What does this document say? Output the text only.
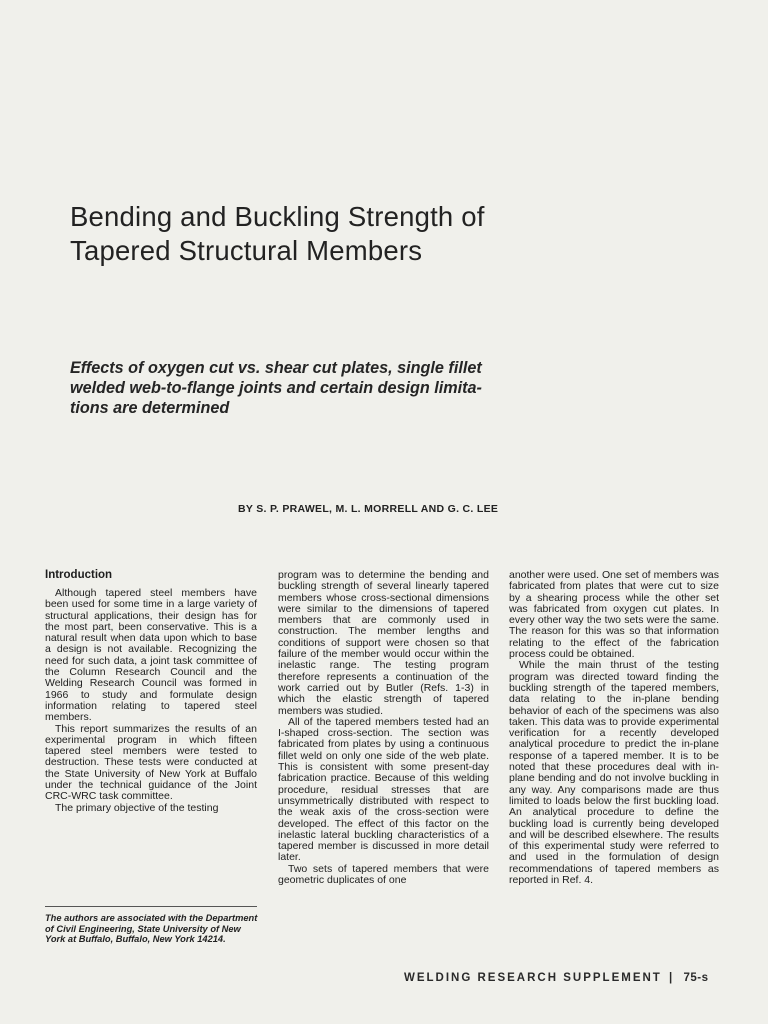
Bending and Buckling Strength of
Tapered Structural Members

Effects of oxygen cut vs. shear cut plates, single fillet
welded web-to-flange joints and certain design limita-
tions are determined

BY S. P. PRAWEL, M. L. MORRELL AND G. C. LEE
Introduction

Although tapered steel members have been used for some time in a large variety of structural applications, their design has for the most part, been conservative. This is a natural result when data upon which to base a design is not available. Recognizing the need for such data, a joint task committee of the Column Research Council and the Welding Research Council was formed in 1966 to study and formulate design information relating to tapered steel members.

This report summarizes the results of an experimental program in which fifteen tapered steel members were tested to destruction. These tests were conducted at the State University of New York at Buffalo under the technical guidance of the Joint CRC-WRC task committee.

The primary objective of the testing

program was to determine the bending and buckling strength of several linearly tapered members whose cross-sectional dimensions were similar to the dimensions of tapered members that are commonly used in construction. The member lengths and conditions of support were chosen so that failure of the member would occur within the inelastic range. The testing program therefore represents a continuation of the work carried out by Butler (Refs. 1-3) in which the elastic strength of tapered members was studied.

All of the tapered members tested had an I-shaped cross-section. The section was fabricated from plates by using a continuous fillet weld on only one side of the web plate. This is consistent with some present-day fabrication practice. Because of this welding procedure, residual stresses that are unsymmetrically distributed with respect to the weak axis of the cross-section were developed. The effect of this factor on the inelastic lateral buckling characteristics of a tapered member is discussed in more detail later.

Two sets of tapered members that were geometric duplicates of one

another were used. One set of members was fabricated from plates that were cut to size by a shearing process while the other set was fabricated from oxygen cut plates. In every other way the two sets were the same. The reason for this was so that information relating to the effect of the fabrication process could be obtained.

While the main thrust of the testing program was directed toward finding the buckling strength of the tapered members, data relating to the in-plane bending behavior of each of the specimens was also taken. This data was to provide experimental verification for a recently developed analytical procedure to predict the in-plane response of a tapered member. It is to be noted that these procedures deal with in-plane bending and do not involve buckling in any way. Any comparisons made are thus limited to loads below the first buckling load. An analytical procedure to define the buckling load is currently being developed and will be described elsewhere. The results of this experimental study were referred to and used in the formulation of design recommendations of tapered members as reported in Ref. 4.

The authors are associated with the Department of Civil Engineering, State University of New York at Buffalo, Buffalo, New York 14214.

WELDING RESEARCH SUPPLEMENT | 75-s
